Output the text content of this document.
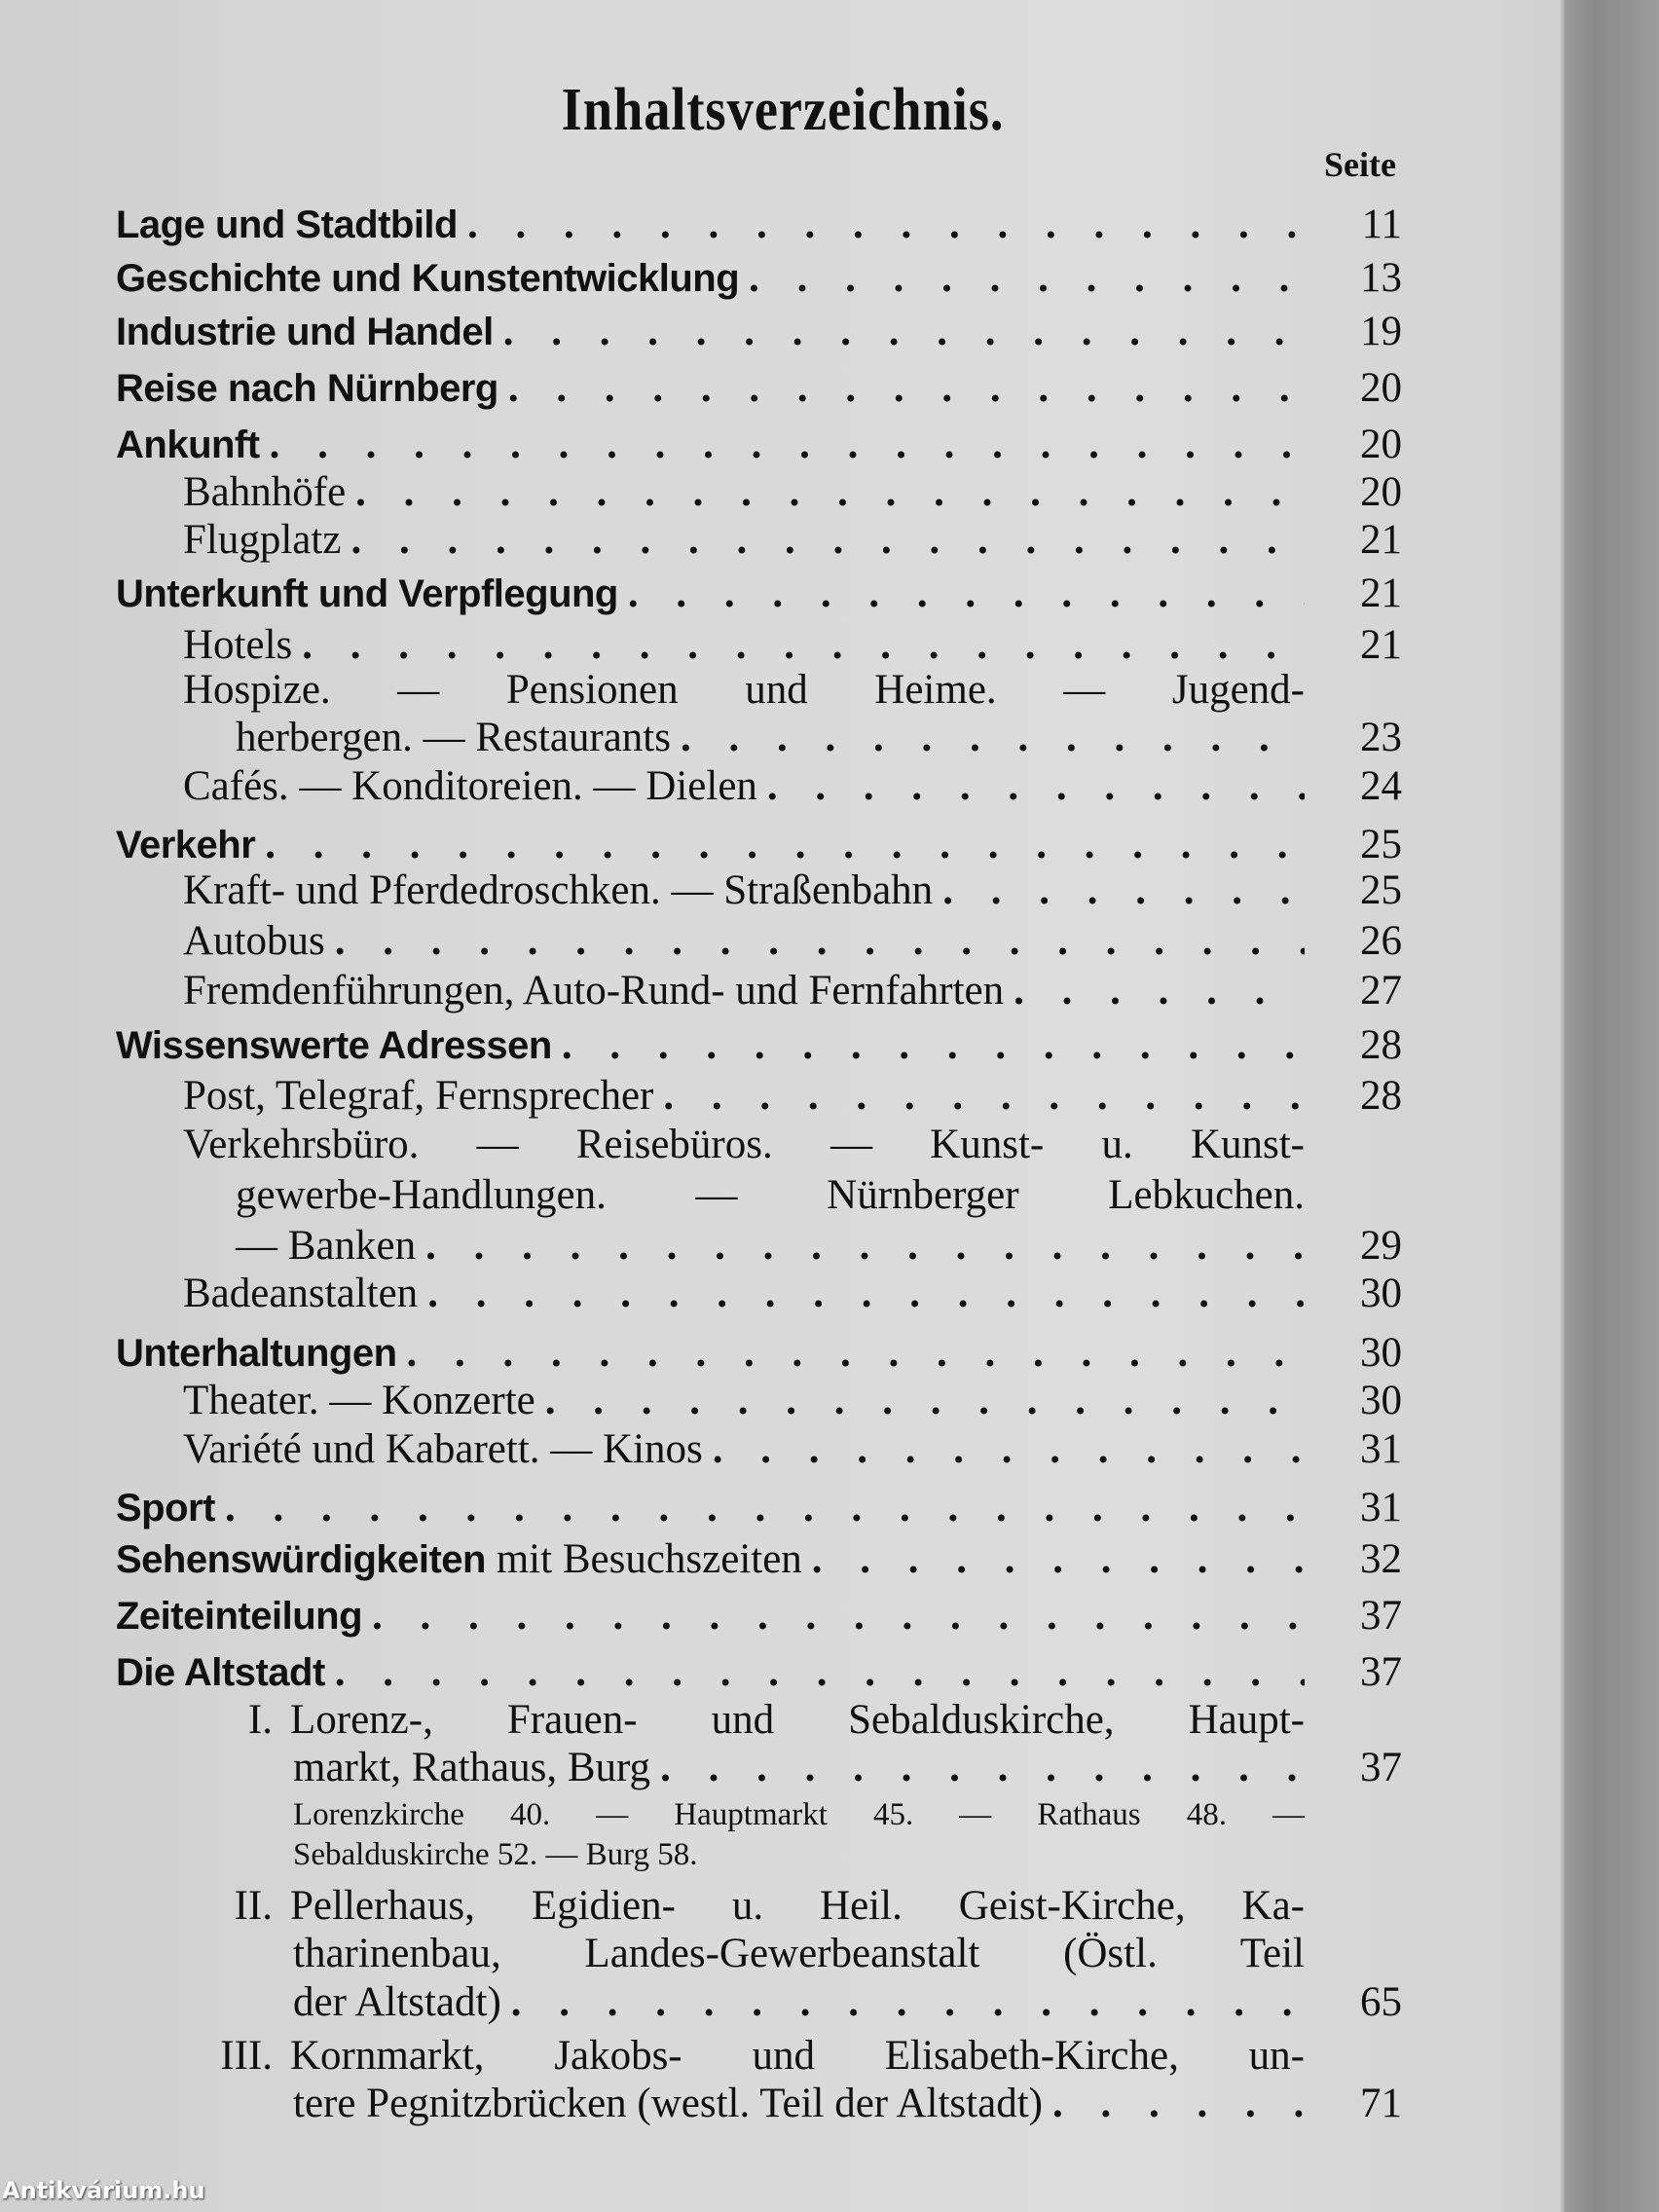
Inhaltsverzeichnis.
Seite
Lage und Stadtbild . . .	11
Geschichte und Kunstentwicklung . . .	13
Industrie und Handel . . .	19
Reise nach Nürnberg . . .	20
Ankunft . . .	20
Bahnhöfe . . .	20
Flugplatz . . .	21
Unterkunft und Verpflegung . . .	21
Hotels . . .	21
Hospize. — Pensionen und Heime. — Jugend-
herbergen. — Restaurants . . .	23
Cafés. — Konditoreien. — Dielen . . .	24
Verkehr . . .	25
Kraft- und Pferdedroschken. — Straßenbahn . . .	25
Autobus . . .	26
Fremdenführungen, Auto-Rund- und Fernfahrten . . .	27
Wissenswerte Adressen . . .	28
Post, Telegraf, Fernsprecher . . .	28
Verkehrsbüro. — Reisebüros. — Kunst- u. Kunst-
gewerbe-Handlungen. — Nürnberger Lebkuchen.
— Banken . . .	29
Badeanstalten . . .	30
Unterhaltungen . . .	30
Theater. — Konzerte . . .	30
Variété und Kabarett. — Kinos . . .	31
Sport . . .	31
Sehenswürdigkeiten mit Besuchszeiten . . .	32
Zeiteinteilung . . .	37
Die Altstadt . . .	37
I. Lorenz-, Frauen- und Sebalduskirche, Haupt-
markt, Rathaus, Burg . . .	37
Lorenzkirche 40. — Hauptmarkt 45. — Rathaus 48. —
Sebalduskirche 52. — Burg 58.
II. Pellerhaus, Egidien- u. Heil. Geist-Kirche, Ka-
tharinenbau, Landes-Gewerbeanstalt (Östl. Teil
der Altstadt) . . .	65
III. Kornmarkt, Jakobs- und Elisabeth-Kirche, un-
tere Pegnitzbrücken (westl. Teil der Altstadt) . . .	71
Antikvárium.hu
